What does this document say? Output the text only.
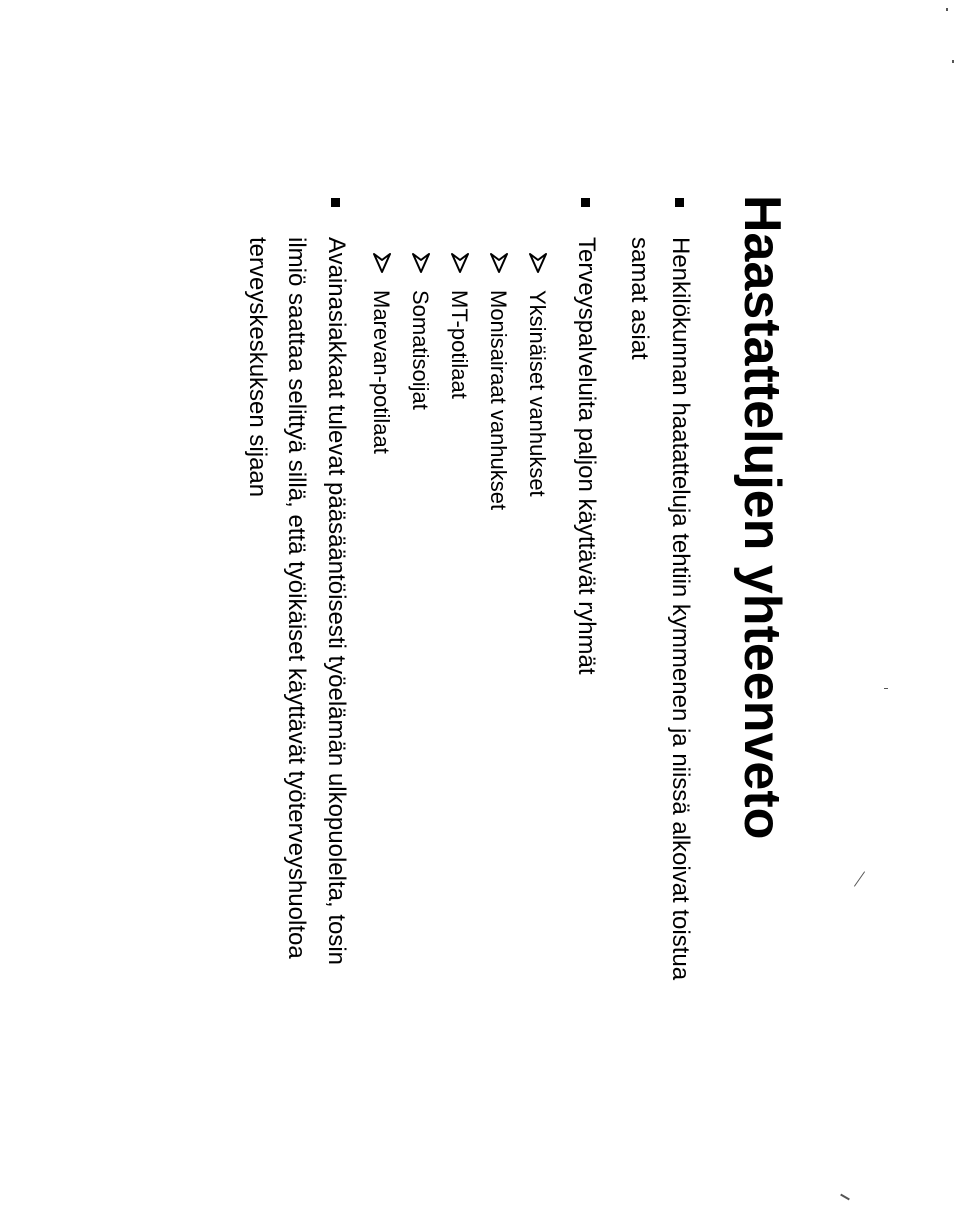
Haastattelujen yhteenveto
Henkilökunnan haatatteluja tehtiin kymmenen ja niissä alkoivat toistua
samat asiat
Terveyspalveluita paljon käyttävät ryhmät
Yksinäiset vanhukset
Monisairaat vanhukset
MT-potilaat
Somatisoijat
Marevan-potilaat
Avainasiakkaat tulevat pääsääntöisesti työelämän ulkopuolelta, tosin
ilmiö saattaa selittyä sillä, että työikäiset käyttävät työterveyshuoltoa
terveyskeskuksen sijaan
